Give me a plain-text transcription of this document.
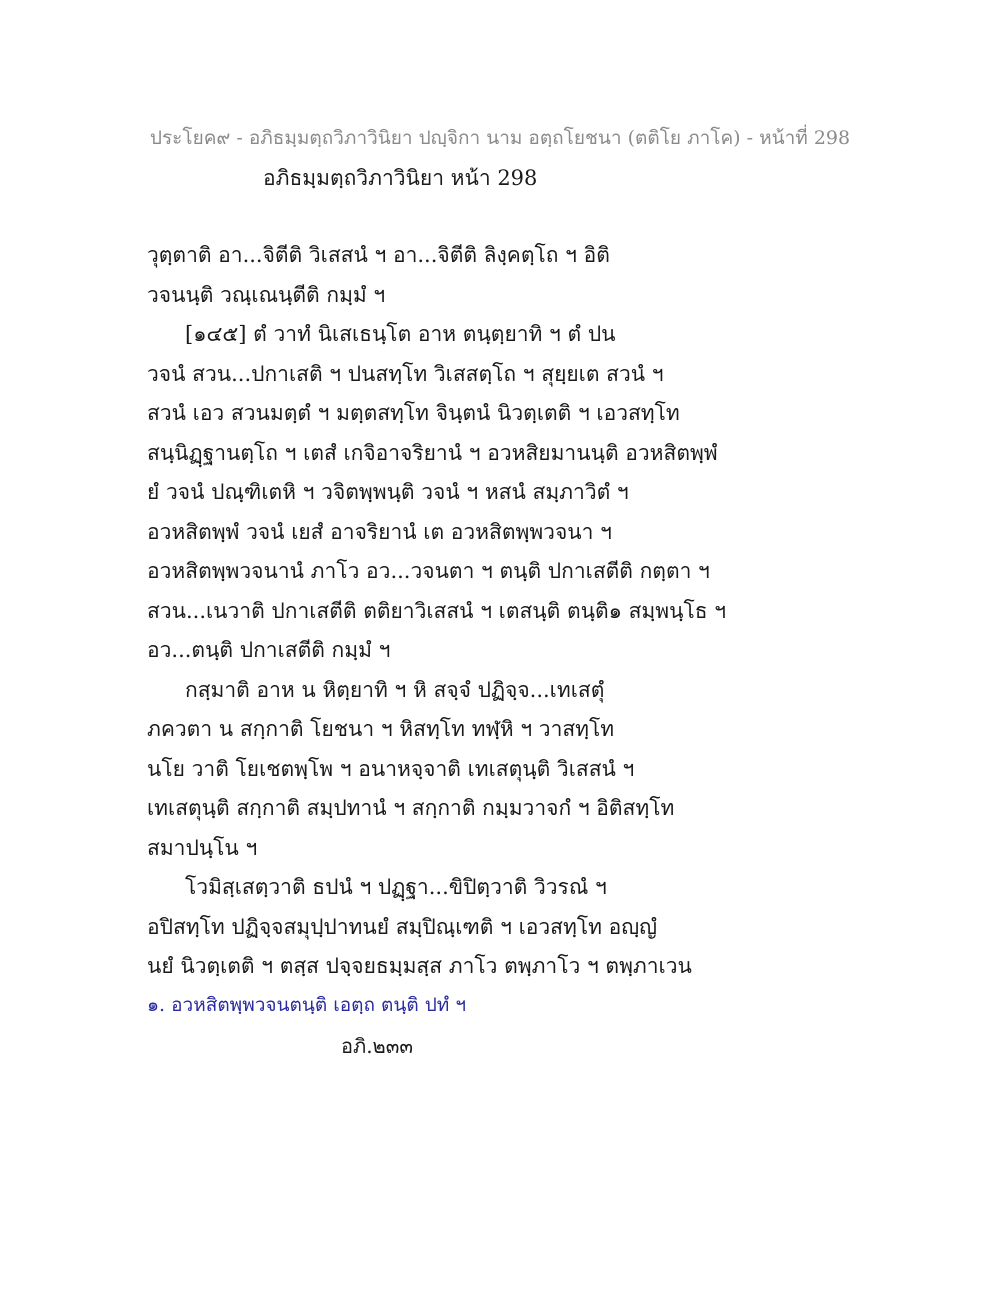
ประโยค๙ - อภิธมฺมตฺถวิภาวินิยา ปญฺจิกา นาม อตฺถโยชนา (ตติโย ภาโค) - หน้าที่ 298
อภิธมฺมตฺถวิภาวินิยา หน้า 298
วุตฺตาติ อา...จิตีติ วิเสสนํ ฯ อา...จิตีติ ลิงฺคตฺโถ ฯ อิติ
วจนนฺติ วณฺเณนฺตีติ กมฺมํ ฯ
[๑๔๕] ตํ วาทํ นิเสเธนฺโต อาห ตนฺตฺยาทิ ฯ ตํ ปน
วจนํ สวน...ปกาเสติ ฯ ปนสทฺโท วิเสสตฺโถ ฯ สุยฺยเต สวนํ ฯ
สวนํ เอว สวนมตฺตํ ฯ มตฺตสทฺโท จินฺตนํ นิวตฺเตติ ฯ เอวสทฺโท
สนฺนิฏฺฐานตฺโถ ฯ เตสํ เกจิอาจริยานํ ฯ อวหสิยมานนฺติ อวหสิตพฺพํ
ยํ วจนํ ปณฺฑิเตหิ ฯ วจิตพฺพนฺติ วจนํ ฯ หสนํ สมฺภาวิตํ ฯ
อวหสิตพฺพํ วจนํ เยสํ อาจริยานํ เต อวหสิตพฺพวจนา ฯ
อวหสิตพฺพวจนานํ ภาโว อว...วจนตา ฯ ตนฺติ ปกาเสตีติ กตฺตา ฯ
สวน...เนวาติ ปกาเสตีติ ตติยาวิเสสนํ ฯ เตสนฺติ ตนฺติ๑ สมฺพนฺโธ ฯ
อว...ตนฺติ ปกาเสตีติ กมฺมํ ฯ
กสฺมาติ อาห น หิตฺยาทิ ฯ หิ สจฺจํ ปฏิจฺจ...เทเสตุํ
ภควตา น สกฺกาติ โยชนา ฯ หิสทฺโท ทฬฺหิ ฯ วาสทฺโท
นโย วาติ โยเชตพฺโพ ฯ อนาหจฺจาติ เทเสตุนฺติ วิเสสนํ ฯ
เทเสตุนฺติ สกฺกาติ สมฺปทานํ ฯ สกฺกาติ กมฺมวาจกํ ฯ อิติสทฺโท
สมาปนฺโน ฯ
โวมิสฺเสตฺวาติ ธปนํ ฯ ปฏฺฐา...ขิปิตฺวาติ วิวรณํ ฯ
อปิสทฺโท ปฏิจฺจสมุปฺปาทนยํ สมฺปิณฺเฑติ ฯ เอวสทฺโท อญฺญํ
นยํ นิวตฺเตติ ฯ ตสฺส ปจฺจยธมฺมสฺส ภาโว ตพฺภาโว ฯ ตพฺภาเวน
๑. อวหสิตพฺพวจนตนฺติ เอตฺถ ตนฺติ ปทํ ฯ
อภิ.๒๓๓
